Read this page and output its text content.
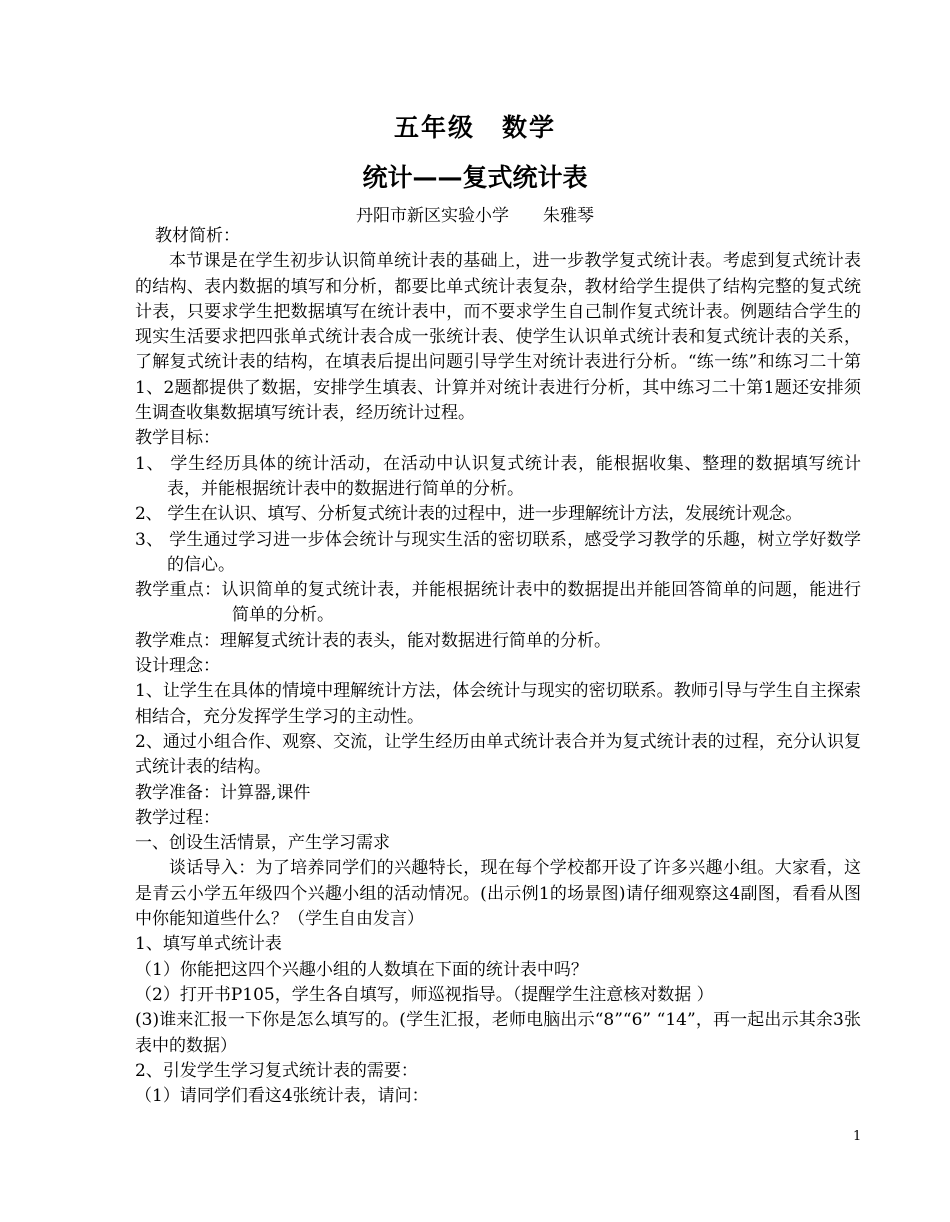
五年级　数学
统计——复式统计表
丹阳市新区实验小学　　朱雅琴

教材简析：

本节课是在学生初步认识简单统计表的基础上，进一步教学复式统计表。考虑到复式统计表的结构、表内数据的填写和分析，都要比单式统计表复杂，教材给学生提供了结构完整的复式统计表，只要求学生把数据填写在统计表中，而不要求学生自己制作复式统计表。例题结合学生的现实生活要求把四张单式统计表合成一张统计表、使学生认识单式统计表和复式统计表的关系，了解复式统计表的结构，在填表后提出问题引导学生对统计表进行分析。“练一练”和练习二十第1、2题都提供了数据，安排学生填表、计算并对统计表进行分析，其中练习二十第1题还安排须生调查收集数据填写统计表，经历统计过程。

教学目标：

1、 学生经历具体的统计活动，在活动中认识复式统计表，能根据收集、整理的数据填写统计表，并能根据统计表中的数据进行简单的分析。

2、 学生在认识、填写、分析复式统计表的过程中，进一步理解统计方法，发展统计观念。

3、 学生通过学习进一步体会统计与现实生活的密切联系，感受学习教学的乐趣，树立学好数学的信心。

教学重点：认识简单的复式统计表，并能根据统计表中的数据提出并能回答简单的问题，能进行简单的分析。

教学难点：理解复式统计表的表头，能对数据进行简单的分析。

设计理念：

1、让学生在具体的情境中理解统计方法，体会统计与现实的密切联系。教师引导与学生自主探索相结合，充分发挥学生学习的主动性。

2、通过小组合作、观察、交流，让学生经历由单式统计表合并为复式统计表的过程，充分认识复式统计表的结构。

教学准备：计算器,课件

教学过程：

一、创设生活情景，产生学习需求

谈话导入：为了培养同学们的兴趣特长，现在每个学校都开设了许多兴趣小组。大家看，这是青云小学五年级四个兴趣小组的活动情况。(出示例1的场景图)请仔细观察这4副图，看看从图中你能知道些什么？（学生自由发言）

1、填写单式统计表

（1）你能把这四个兴趣小组的人数填在下面的统计表中吗？

（2）打开书P105，学生各自填写，师巡视指导。（提醒学生注意核对数据 ）

(3)谁来汇报一下你是怎么填写的。(学生汇报，老师电脑出示“8”“6” “14”，再一起出示其余3张表中的数据）

2、引发学生学习复式统计表的需要：

（1）请同学们看这4张统计表，请问：

1
